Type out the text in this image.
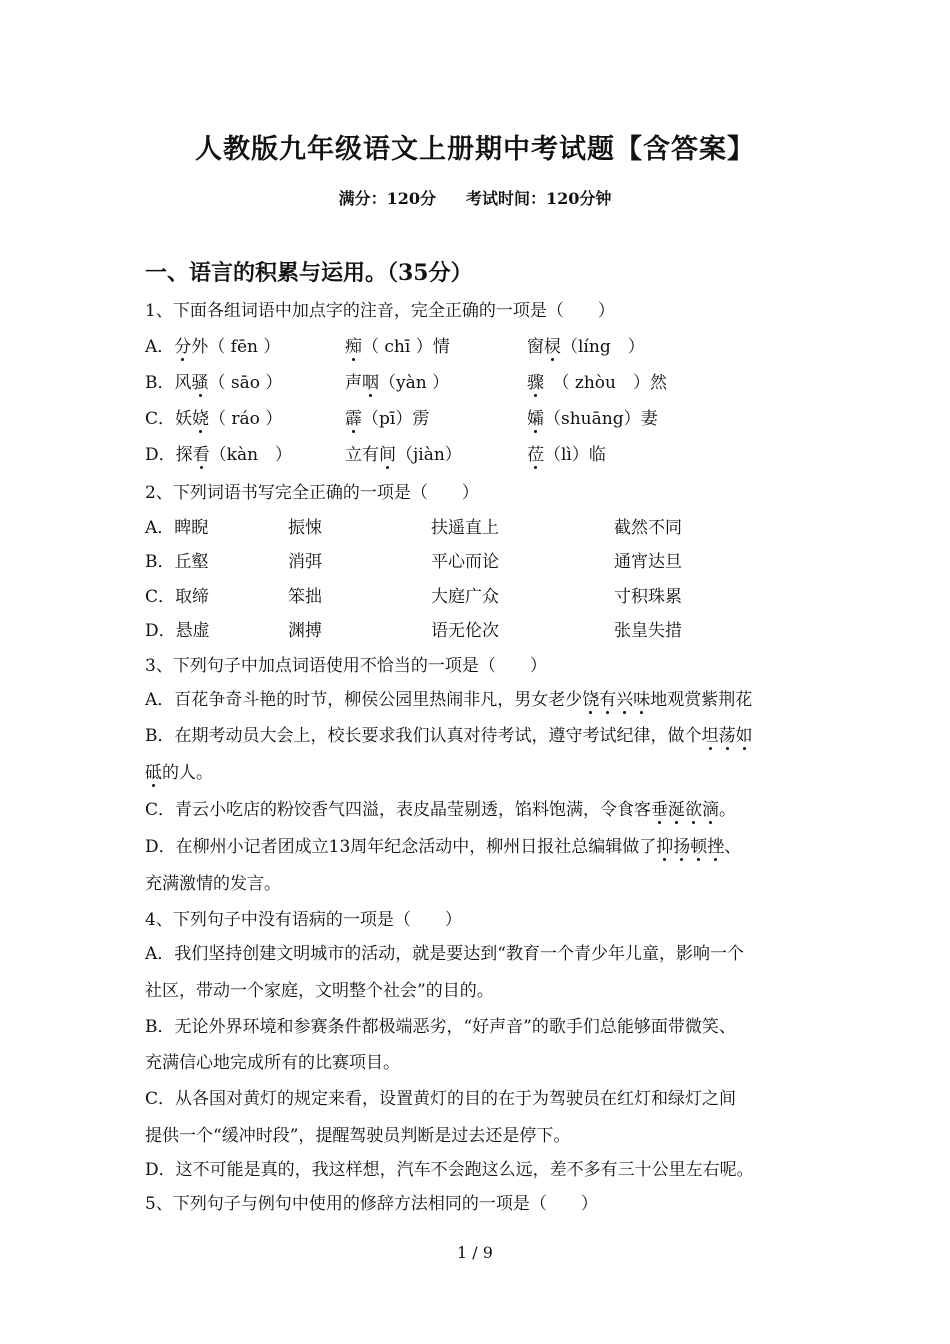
人教版九年级语文上册期中考试题【含答案】
满分：120分 考试时间：120分钟
一、语言的积累与运用。（35分）
1、下面各组词语中加点字的注音，完全正确的一项是（　　）
A．分外（ fēn ）	痴（ chī ）情	窗棂（líng　）
B．风骚（ sāo ）	声咽（yàn ）	骤　（ zhòu　）然
C．妖娆（ ráo ）	霹（pī）雳	孀（shuāng）妻
D．探看（kàn　）	立有间（jiàn）	莅（lì）临
2、下列词语书写完全正确的一项是（　　）
A．睥睨	振悚	扶遥直上	截然不同
B．丘壑	消弭	平心而论	通宵达旦
C．取缔	笨拙	大庭广众	寸积珠累
D．悬虚	渊搏	语无伦次	张皇失措
3、下列句子中加点词语使用不恰当的一项是（　　）
A．百花争奇斗艳的时节，柳侯公园里热闹非凡，男女老少饶有兴味地观赏紫荆花
B．在期考动员大会上，校长要求我们认真对待考试，遵守考试纪律，做个坦荡如
砥的人。
C．青云小吃店的粉饺香气四溢，表皮晶莹剔透，馅料饱满，令食客垂涎欲滴。
D．在柳州小记者团成立13周年纪念活动中，柳州日报社总编辑做了抑扬顿挫、
充满激情的发言。
4、下列句子中没有语病的一项是（　　）
A．我们坚持创建文明城市的活动，就是要达到“教育一个青少年儿童，影响一个
社区，带动一个家庭，文明整个社会”的目的。
B．无论外界环境和参赛条件都极端恶劣，“好声音”的歌手们总能够面带微笑、
充满信心地完成所有的比赛项目。
C．从各国对黄灯的规定来看，设置黄灯的目的在于为驾驶员在红灯和绿灯之间
提供一个“缓冲时段”，提醒驾驶员判断是过去还是停下。
D．这不可能是真的，我这样想，汽车不会跑这么远，差不多有三十公里左右呢。
5、下列句子与例句中使用的修辞方法相同的一项是（　　）
1 / 9
